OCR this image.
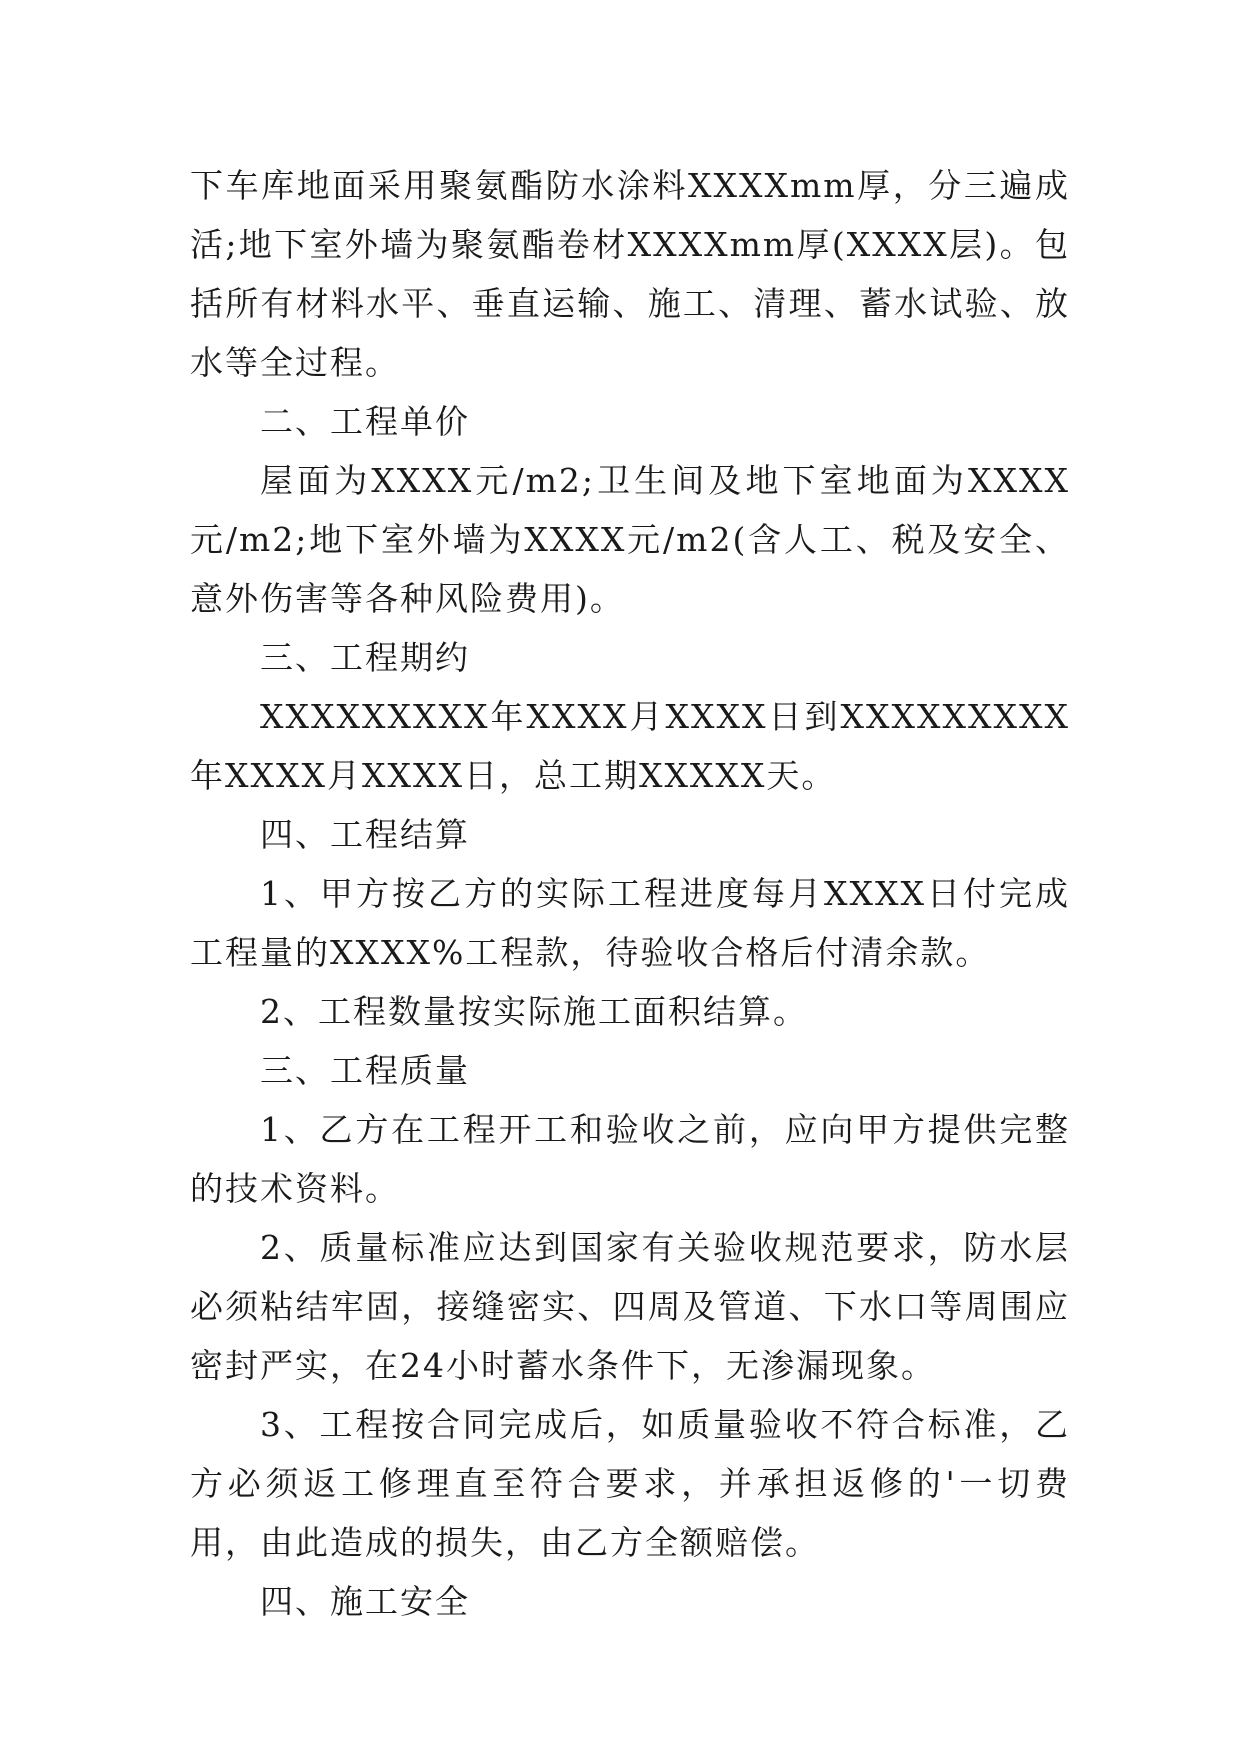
下车库地面采用聚氨酯防水涂料XXXXmm厚，分三遍成活;地下室外墙为聚氨酯卷材XXXXmm厚(XXXX层)。包括所有材料水平、垂直运输、施工、清理、蓄水试验、放水等全过程。

二、工程单价

屋面为XXXX元/m2;卫生间及地下室地面为XXXX元/m2;地下室外墙为XXXX元/m2(含人工、税及安全、意外伤害等各种风险费用)。

三、工程期约

XXXXXXXXX年XXXX月XXXX日到XXXXXXXXX年XXXX月XXXX日，总工期XXXXX天。

四、工程结算

1、甲方按乙方的实际工程进度每月XXXX日付完成工程量的XXXX%工程款，待验收合格后付清余款。

2、工程数量按实际施工面积结算。

三、工程质量

1、乙方在工程开工和验收之前，应向甲方提供完整的技术资料。

2、质量标准应达到国家有关验收规范要求，防水层必须粘结牢固，接缝密实、四周及管道、下水口等周围应密封严实，在24小时蓄水条件下，无渗漏现象。

3、工程按合同完成后，如质量验收不符合标准，乙方必须返工修理直至符合要求，并承担返修的'一切费用，由此造成的损失，由乙方全额赔偿。

四、施工安全
